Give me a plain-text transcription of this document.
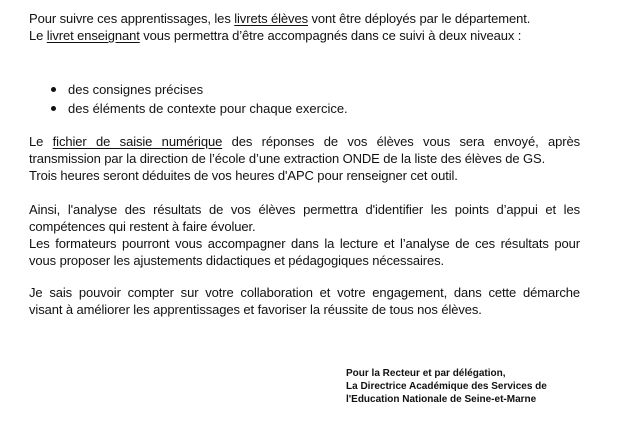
Pour suivre ces apprentissages, les livrets élèves vont être déployés par le département.
Le livret enseignant vous permettra d’être accompagnés dans ce suivi à deux niveaux :
des consignes précises
des éléments de contexte pour chaque exercice.
Le fichier de saisie numérique des réponses de vos élèves vous sera envoyé, après
transmission par la direction de l’école d’une extraction ONDE de la liste des élèves de GS.
Trois heures seront déduites de vos heures d'APC pour renseigner cet outil.
Ainsi, l'analyse des résultats de vos élèves permettra d'identifier les points d’appui et les
compétences qui restent à faire évoluer.
Les formateurs pourront vous accompagner dans la lecture et l’analyse de ces résultats pour
vous proposer les ajustements didactiques et pédagogiques nécessaires.
Je sais pouvoir compter sur votre collaboration et votre engagement, dans cette démarche
visant à améliorer les apprentissages et favoriser la réussite de tous nos élèves.
Pour la Recteur et par délégation,
La Directrice Académique des Services de
l'Education Nationale de Seine-et-Marne
